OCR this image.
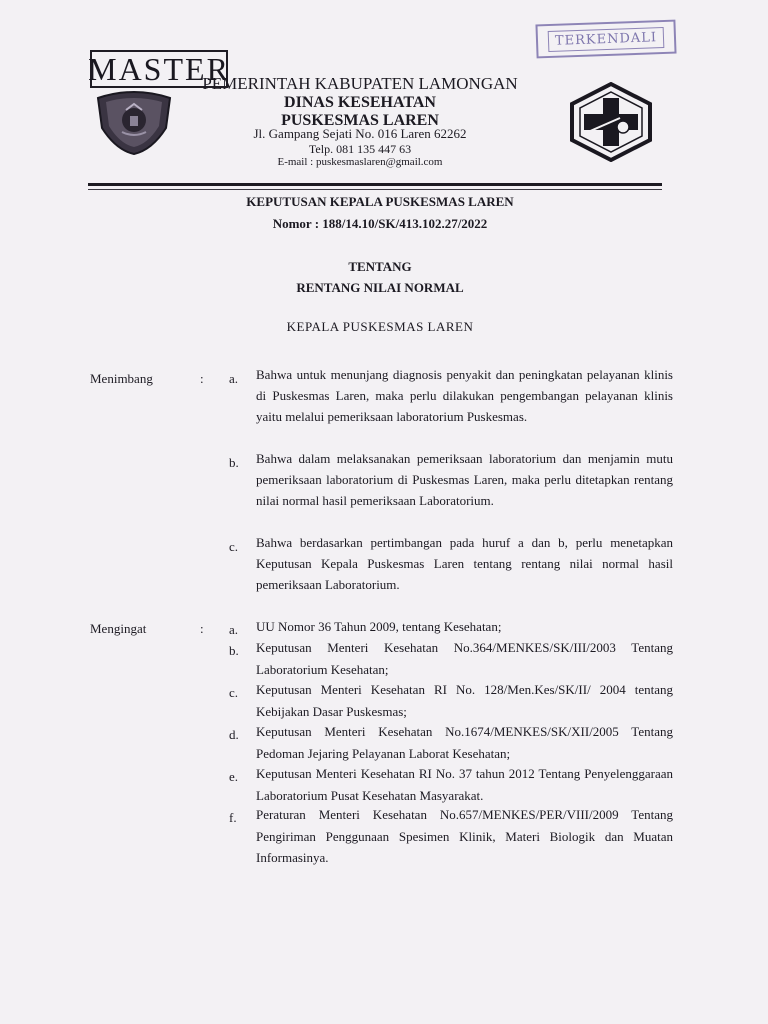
TERKENDALI
MASTER
PEMERINTAH KABUPATEN LAMONGAN
DINAS KESEHATAN
PUSKESMAS LAREN
Jl. Gampang Sejati No. 016 Laren 62262
Telp. 081 135 447 63
E-mail : puskesmaslaren@gmail.com
KEPUTUSAN KEPALA PUSKESMAS LAREN
Nomor : 188/14.10/SK/413.102.27/2022
TENTANG
RENTANG NILAI NORMAL
KEPALA PUSKESMAS LAREN
Menimbang	: a. Bahwa untuk menunjang diagnosis penyakit dan peningkatan pelayanan klinis di Puskesmas Laren, maka perlu dilakukan pengembangan pelayanan klinis yaitu melalui pemeriksaan laboratorium Puskesmas.
b. Bahwa dalam melaksanakan pemeriksaan laboratorium dan menjamin mutu pemeriksaan laboratorium di Puskesmas Laren, maka perlu ditetapkan rentang nilai normal hasil pemeriksaan Laboratorium.
c. Bahwa berdasarkan pertimbangan pada huruf a dan b, perlu menetapkan Keputusan Kepala Puskesmas Laren tentang rentang nilai normal hasil pemeriksaan Laboratorium.
Mengingat	: a. UU Nomor 36 Tahun 2009, tentang Kesehatan;
b. Keputusan Menteri Kesehatan No.364/MENKES/SK/III/2003 Tentang Laboratorium Kesehatan;
c. Keputusan Menteri Kesehatan RI No. 128/Men.Kes/SK/II/ 2004 tentang Kebijakan Dasar Puskesmas;
d. Keputusan Menteri Kesehatan No.1674/MENKES/SK/XII/2005 Tentang Pedoman Jejaring Pelayanan Laborat Kesehatan;
e. Keputusan Menteri Kesehatan RI No. 37 tahun 2012 Tentang Penyelenggaraan Laboratorium Pusat Kesehatan Masyarakat.
f. Peraturan Menteri Kesehatan No.657/MENKES/PER/VIII/2009 Tentang Pengiriman Penggunaan Spesimen Klinik, Materi Biologik dan Muatan Informasinya.
